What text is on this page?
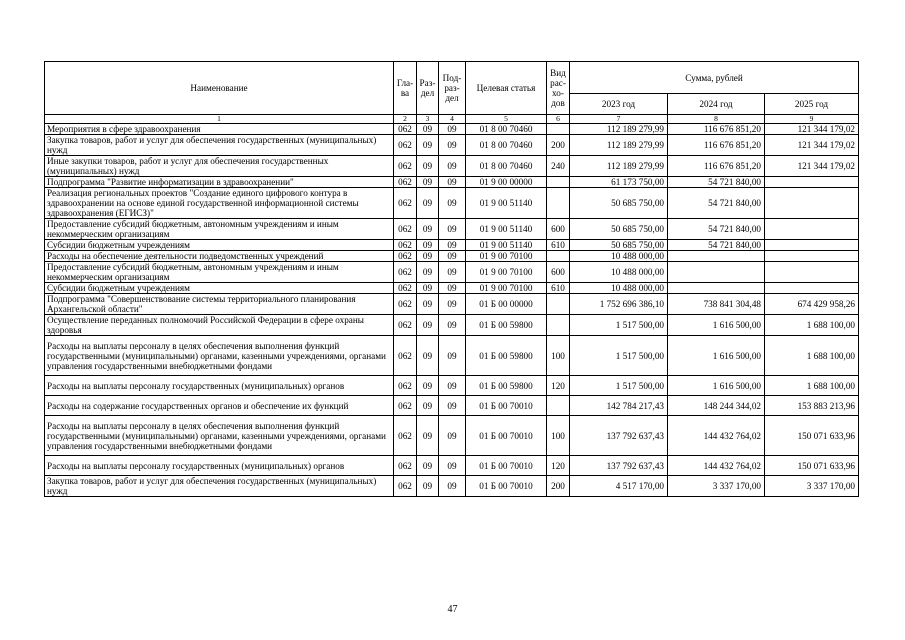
Наименование	Гла-ва	Раз-дел	Под-раз-дел	Целевая статья	Вид рас-хо-дов	Сумма, рублей		
						2023 год	2024 год	2025 год
1	2	3	4	5	6	7	8	9
Мероприятия в сфере здравоохранения	062	09	09	01 8 00 70460		112 189 279,99	116 676 851,20	121 344 179,02
Закупка товаров, работ и услуг для обеспечения государственных (муниципальных) нужд	062	09	09	01 8 00 70460	200	112 189 279,99	116 676 851,20	121 344 179,02
Иные закупки товаров, работ и услуг для обеспечения государственных (муниципальных) нужд	062	09	09	01 8 00 70460	240	112 189 279,99	116 676 851,20	121 344 179,02
Подпрограмма "Развитие информатизации в здравоохранении"	062	09	09	01 9 00 00000		61 173 750,00	54 721 840,00	
Реализация региональных проектов "Создание единого цифрового контура в здравоохранении на основе единой государственной информационной системы здравоохранения (ЕГИСЗ)"	062	09	09	01 9 00 51140		50 685 750,00	54 721 840,00	
Предоставление субсидий бюджетным, автономным учреждениям и иным некоммерческим организациям	062	09	09	01 9 00 51140	600	50 685 750,00	54 721 840,00	
Субсидии бюджетным учреждениям	062	09	09	01 9 00 51140	610	50 685 750,00	54 721 840,00	
Расходы на обеспечение деятельности подведомственных учреждений	062	09	09	01 9 00 70100		10 488 000,00		
Предоставление субсидий бюджетным, автономным учреждениям и иным некоммерческим организациям	062	09	09	01 9 00 70100	600	10 488 000,00		
Субсидии бюджетным учреждениям	062	09	09	01 9 00 70100	610	10 488 000,00		
Подпрограмма "Совершенствование системы территориального планирования Архангельской области"	062	09	09	01 Б 00 00000		1 752 696 386,10	738 841 304,48	674 429 958,26
Осуществление переданных полномочий Российской Федерации в сфере охраны здоровья	062	09	09	01 Б 00 59800		1 517 500,00	1 616 500,00	1 688 100,00
Расходы на выплаты персоналу в целях обеспечения выполнения функций государственными (муниципальными) органами, казенными учреждениями, органами управления государственными внебюджетными фондами	062	09	09	01 Б 00 59800	100	1 517 500,00	1 616 500,00	1 688 100,00
Расходы на выплаты персоналу государственных (муниципальных) органов	062	09	09	01 Б 00 59800	120	1 517 500,00	1 616 500,00	1 688 100,00
Расходы на содержание государственных органов и обеспечение их функций	062	09	09	01 Б 00 70010		142 784 217,43	148 244 344,02	153 883 213,96
Расходы на выплаты персоналу в целях обеспечения выполнения функций государственными (муниципальными) органами, казенными учреждениями, органами управления государственными внебюджетными фондами	062	09	09	01 Б 00 70010	100	137 792 637,43	144 432 764,02	150 071 633,96
Расходы на выплаты персоналу государственных (муниципальных) органов	062	09	09	01 Б 00 70010	120	137 792 637,43	144 432 764,02	150 071 633,96
Закупка товаров, работ и услуг для обеспечения государственных (муниципальных) нужд	062	09	09	01 Б 00 70010	200	4 517 170,00	3 337 170,00	3 337 170,00
47
